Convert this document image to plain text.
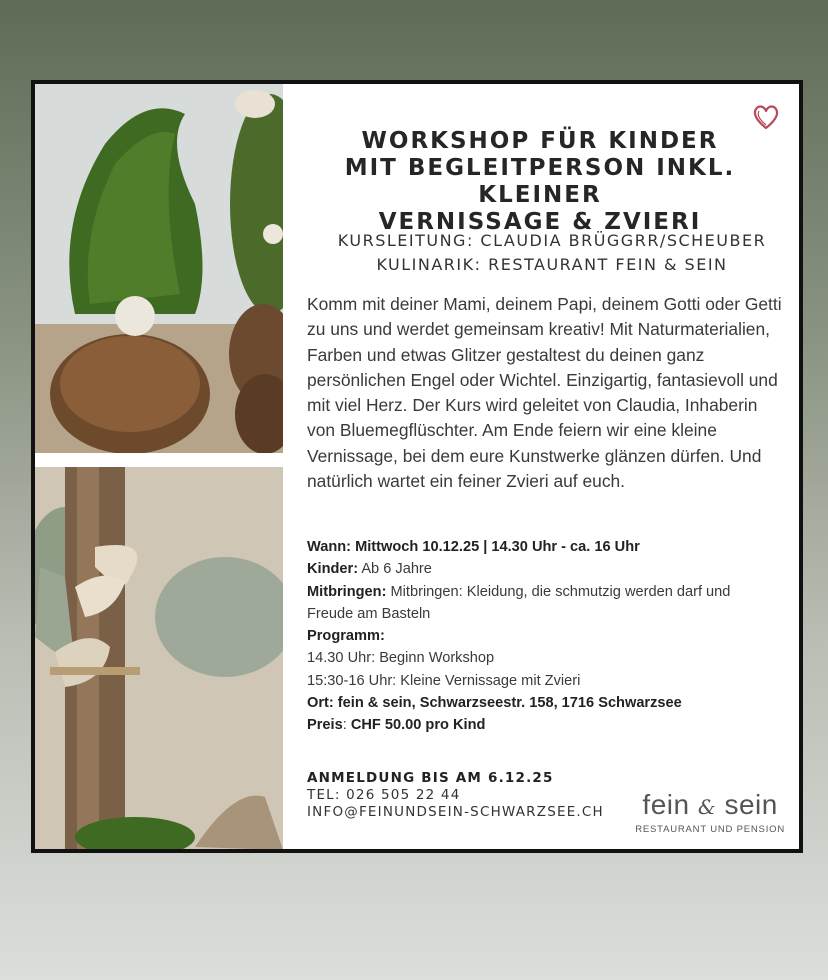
WORKSHOP FÜR KINDER
MIT BEGLEITPERSON INKL. KLEINER
VERNISSAGE & ZVIERI
KURSLEITUNG: CLAUDIA BRÜGGRR/SCHEUBER
KULINARIK: RESTAURANT FEIN & SEIN

Komm mit deiner Mami, deinem Papi, deinem Gotti oder Getti zu uns und werdet gemeinsam kreativ! Mit Naturmaterialien, Farben und etwas Glitzer gestaltest du deinen ganz persönlichen Engel oder Wichtel. Einzigartig, fantasievoll und mit viel Herz. Der Kurs wird geleitet von Claudia, Inhaberin von Bluemegflüschter. Am Ende feiern wir eine kleine Vernissage, bei dem eure Kunstwerke glänzen dürfen. Und natürlich wartet ein feiner Zvieri auf euch.

Wann: Mittwoch 10.12.25 | 14.30 Uhr - ca. 16 Uhr
Kinder: Ab 6 Jahre
Mitbringen: Mitbringen: Kleidung, die schmutzig werden darf und Freude am Basteln
Programm:
14.30 Uhr: Beginn Workshop
15:30-16 Uhr: Kleine Vernissage mit Zvieri
Ort: fein & sein, Schwarzseestr. 158, 1716 Schwarzsee
Preis: CHF 50.00 pro Kind
ANMELDUNG BIS AM 6.12.25
TEL: 026 505 22 44
INFO@FEINUNDSEIN-SCHWARZSEE.CH fein & sein
RESTAURANT UND PENSION
